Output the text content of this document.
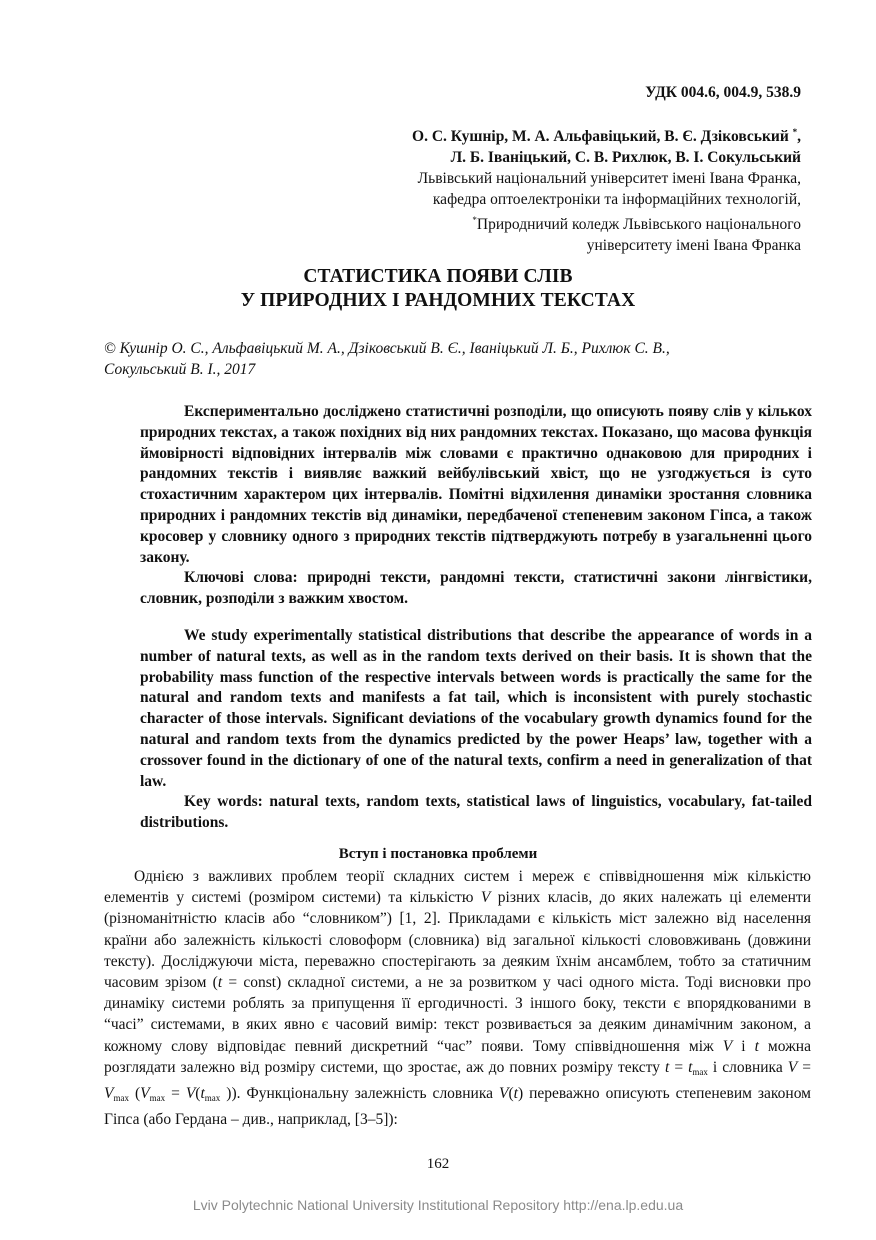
УДК 004.6, 004.9, 538.9
О. С. Кушнір, М. А. Альфавіцький, В. Є. Дзіковський *,
Л. Б. Іваніцький, С. В. Рихлюк, В. І. Сокульський
Львівський національний університет імені Івана Франка,
кафедра оптоелектроніки та інформаційних технологій,
*Природничий коледж Львівського національного
університету імені Івана Франка
СТАТИСТИКА ПОЯВИ СЛІВ
У ПРИРОДНИХ І РАНДОМНИХ ТЕКСТАХ
© Кушнір О. С., Альфавіцький М. А., Дзіковський В. Є., Іваніцький Л. Б., Рихлюк С. В.,
Сокульський В. І., 2017

Експериментально досліджено статистичні розподіли, що описують появу слів у кількох природних текстах, а також похідних від них рандомних текстах. Показано, що масова функція ймовірності відповідних інтервалів між словами є практично однаковою для природних і рандомних текстів і виявляє важкий вейбулівський хвіст, що не узгоджується із суто стохастичним характером цих інтервалів. Помітні відхилення динаміки зростання словника природних і рандомних текстів від динаміки, передбаченої степеневим законом Гіпса, а також кросовер у словнику одного з природних текстів підтверджують потребу в узагальненні цього закону.

Ключові слова: природні тексти, рандомні тексти, статистичні закони лінгвістики, словник, розподіли з важким хвостом.

We study experimentally statistical distributions that describe the appearance of words in a number of natural texts, as well as in the random texts derived on their basis. It is shown that the probability mass function of the respective intervals between words is practically the same for the natural and random texts and manifests a fat tail, which is inconsistent with purely stochastic character of those intervals. Significant deviations of the vocabulary growth dynamics found for the natural and random texts from the dynamics predicted by the power Heaps’ law, together with a crossover found in the dictionary of one of the natural texts, confirm a need in generalization of that law.

Key words: natural texts, random texts, statistical laws of linguistics, vocabulary, fat-tailed distributions.

Вступ і постановка проблеми

Однією з важливих проблем теорії складних систем і мереж є співвідношення між кількістю елементів у системі (розміром системи) та кількістю V різних класів, до яких належать ці елементи (різноманітністю класів або “словником”) [1, 2]. Прикладами є кількість міст залежно від населення країни або залежність кількості словоформ (словника) від загальної кількості слововживань (довжини тексту). Досліджуючи міста, переважно спостерігають за деяким їхнім ансамблем, тобто за статичним часовим зрізом (t = const) складної системи, а не за розвитком у часі одного міста. Тоді висновки про динаміку системи роблять за припущення її ергодичності. З іншого боку, тексти є впорядкованими в “часі” системами, в яких явно є часовий вимір: текст розвивається за деяким динамічним законом, а кожному слову відповідає певний дискретний “час” появи. Тому співвідношення між V і t можна розглядати залежно від розміру системи, що зростає, аж до повних розміру тексту $t = t_{max}$ і словника $V = V_{max}$ ($V_{max} = V(t_{max}$ )). Функціональну залежність словника V(t) переважно описують степеневим законом Гіпса (або Гердана – див., наприклад, [3–5]):

162
Lviv Polytechnic National University Institutional Repository http://ena.lp.edu.ua
